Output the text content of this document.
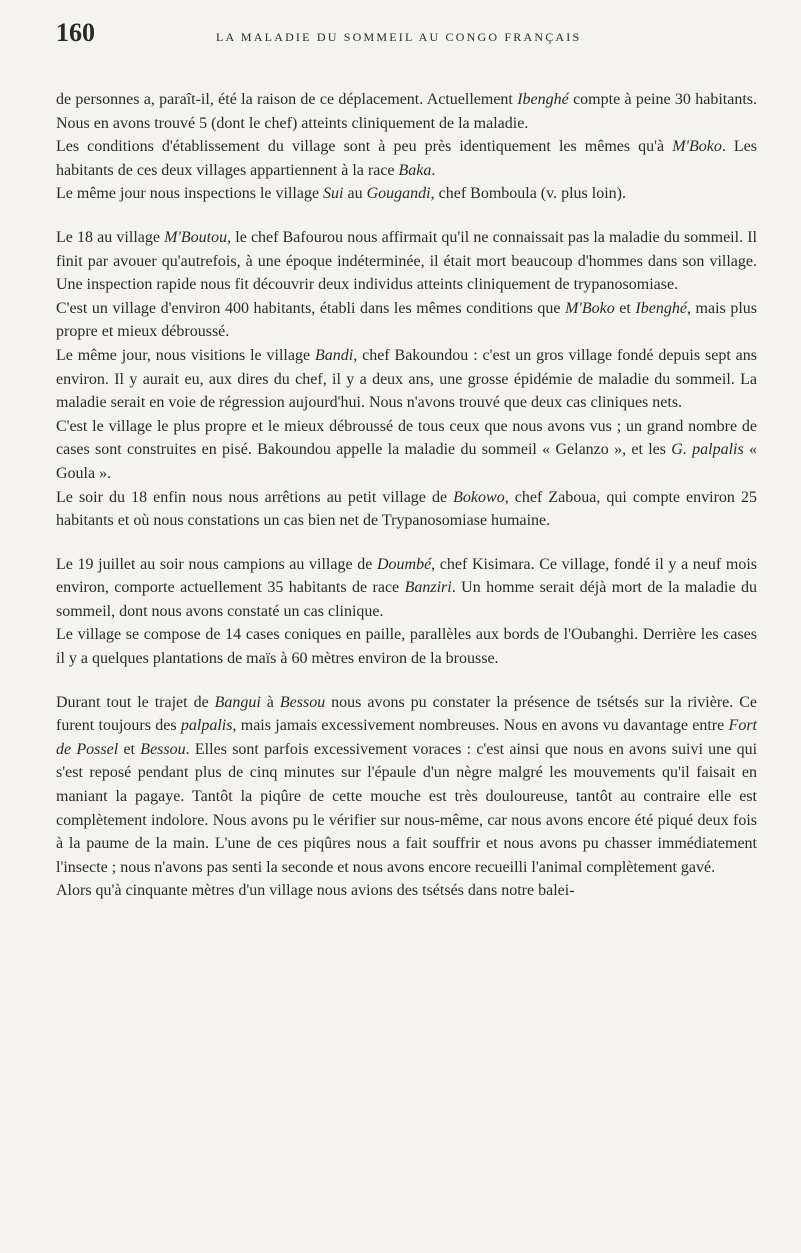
160	LA MALADIE DU SOMMEIL AU CONGO FRANÇAIS

de personnes a, paraît-il, été la raison de ce déplacement. Actuellement Ibenghé compte à peine 30 habitants. Nous en avons trouvé 5 (dont le chef) atteints cliniquement de la maladie.

Les conditions d'établissement du village sont à peu près identiquement les mêmes qu'à M'Boko. Les habitants de ces deux villages appartiennent à la race Baka.

Le même jour nous inspections le village Sui au Gougandi, chef Bomboula (v. plus loin).

Le 18 au village M'Boutou, le chef Bafourou nous affirmait qu'il ne connaissait pas la maladie du sommeil. Il finit par avouer qu'autrefois, à une époque indéterminée, il était mort beaucoup d'hommes dans son village. Une inspection rapide nous fit découvrir deux individus atteints cliniquement de trypanosomiase.

C'est un village d'environ 400 habitants, établi dans les mêmes conditions que M'Boko et Ibenghé, mais plus propre et mieux débroussé.

Le même jour, nous visitions le village Bandi, chef Bakoundou : c'est un gros village fondé depuis sept ans environ. Il y aurait eu, aux dires du chef, il y a deux ans, une grosse épidémie de maladie du sommeil. La maladie serait en voie de régression aujourd'hui. Nous n'avons trouvé que deux cas cliniques nets.

C'est le village le plus propre et le mieux débroussé de tous ceux que nous avons vus ; un grand nombre de cases sont construites en pisé. Bakoundou appelle la maladie du sommeil « Gelanzo », et les G. palpalis « Goula ».

Le soir du 18 enfin nous nous arrêtions au petit village de Bokowo, chef Zaboua, qui compte environ 25 habitants et où nous constations un cas bien net de Trypanosomiase humaine.

Le 19 juillet au soir nous campions au village de Doumbé, chef Kisimara. Ce village, fondé il y a neuf mois environ, comporte actuellement 35 habitants de race Banziri. Un homme serait déjà mort de la maladie du sommeil, dont nous avons constaté un cas clinique.

Le village se compose de 14 cases coniques en paille, parallèles aux bords de l'Oubanghi. Derrière les cases il y a quelques plantations de maïs à 60 mètres environ de la brousse.

Durant tout le trajet de Bangui à Bessou nous avons pu constater la présence de tsétsés sur la rivière. Ce furent toujours des palpalis, mais jamais excessivement nombreuses. Nous en avons vu davantage entre Fort de Possel et Bessou. Elles sont parfois excessivement voraces : c'est ainsi que nous en avons suivi une qui s'est reposé pendant plus de cinq minutes sur l'épaule d'un nègre malgré les mouvements qu'il faisait en maniant la pagaye. Tantôt la piqûre de cette mouche est très douloureuse, tantôt au contraire elle est complètement indolore. Nous avons pu le vérifier sur nous-même, car nous avons encore été piqué deux fois à la paume de la main. L'une de ces piqûres nous a fait souffrir et nous avons pu chasser immédiatement l'insecte ; nous n'avons pas senti la seconde et nous avons encore recueilli l'animal complètement gavé.

Alors qu'à cinquante mètres d'un village nous avions des tsétsés dans notre balei-
